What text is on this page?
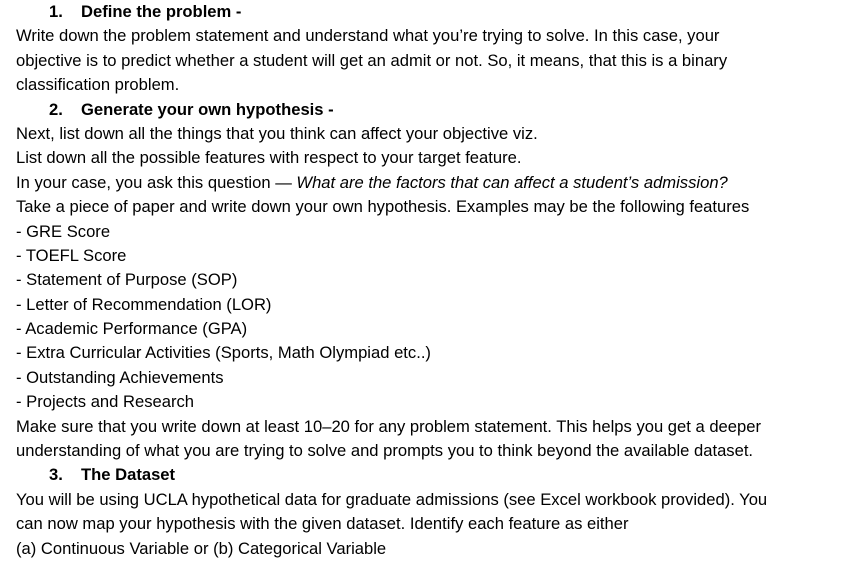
1. Define the problem -
Write down the problem statement and understand what you’re trying to solve. In this case, your
objective is to predict whether a student will get an admit or not. So, it means, that this is a binary
classification problem.
2. Generate your own hypothesis -
Next, list down all the things that you think can affect your objective viz.
List down all the possible features with respect to your target feature.
In your case, you ask this question — What are the factors that can affect a student’s admission?
Take a piece of paper and write down your own hypothesis. Examples may be the following features
- GRE Score
- TOEFL Score
- Statement of Purpose (SOP)
- Letter of Recommendation (LOR)
- Academic Performance (GPA)
- Extra Curricular Activities (Sports, Math Olympiad etc..)
- Outstanding Achievements
- Projects and Research
Make sure that you write down at least 10–20 for any problem statement. This helps you get a deeper
understanding of what you are trying to solve and prompts you to think beyond the available dataset.
3. The Dataset
You will be using UCLA hypothetical data for graduate admissions (see Excel workbook provided). You
can now map your hypothesis with the given dataset. Identify each feature as either
(a) Continuous Variable or (b) Categorical Variable
